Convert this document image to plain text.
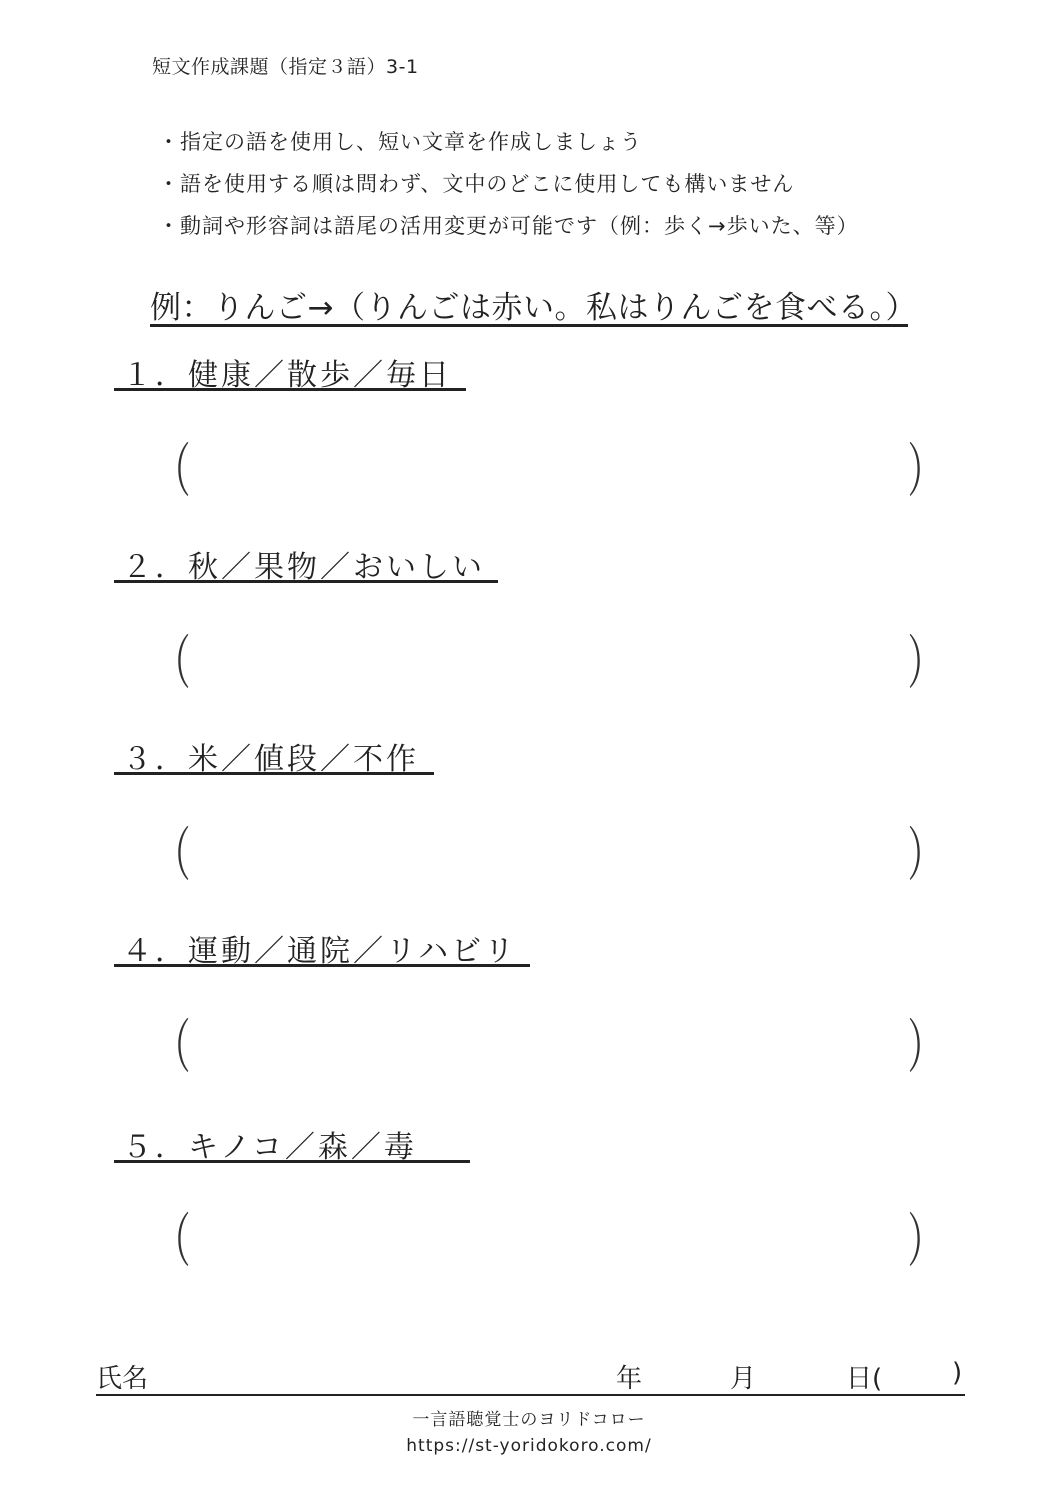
短文作成課題（指定３語）3-1
・指定の語を使用し、短い文章を作成しましょう
・語を使用する順は問わず、文中のどこに使用しても構いません
・動詞や形容詞は語尾の活用変更が可能です（例：歩く→歩いた、等）
例：りんご→（りんごは赤い。私はりんごを食べる。）
１．健康／散歩／毎日
（	）
２．秋／果物／おいしい
（	）
３．米／値段／不作
（	）
４．運動／通院／リハビリ
（	）
５．キノコ／森／毒
（	）
氏名	年	月	日(	)
一言語聴覚士のヨリドコロー
https://st-yoridokoro.com/
